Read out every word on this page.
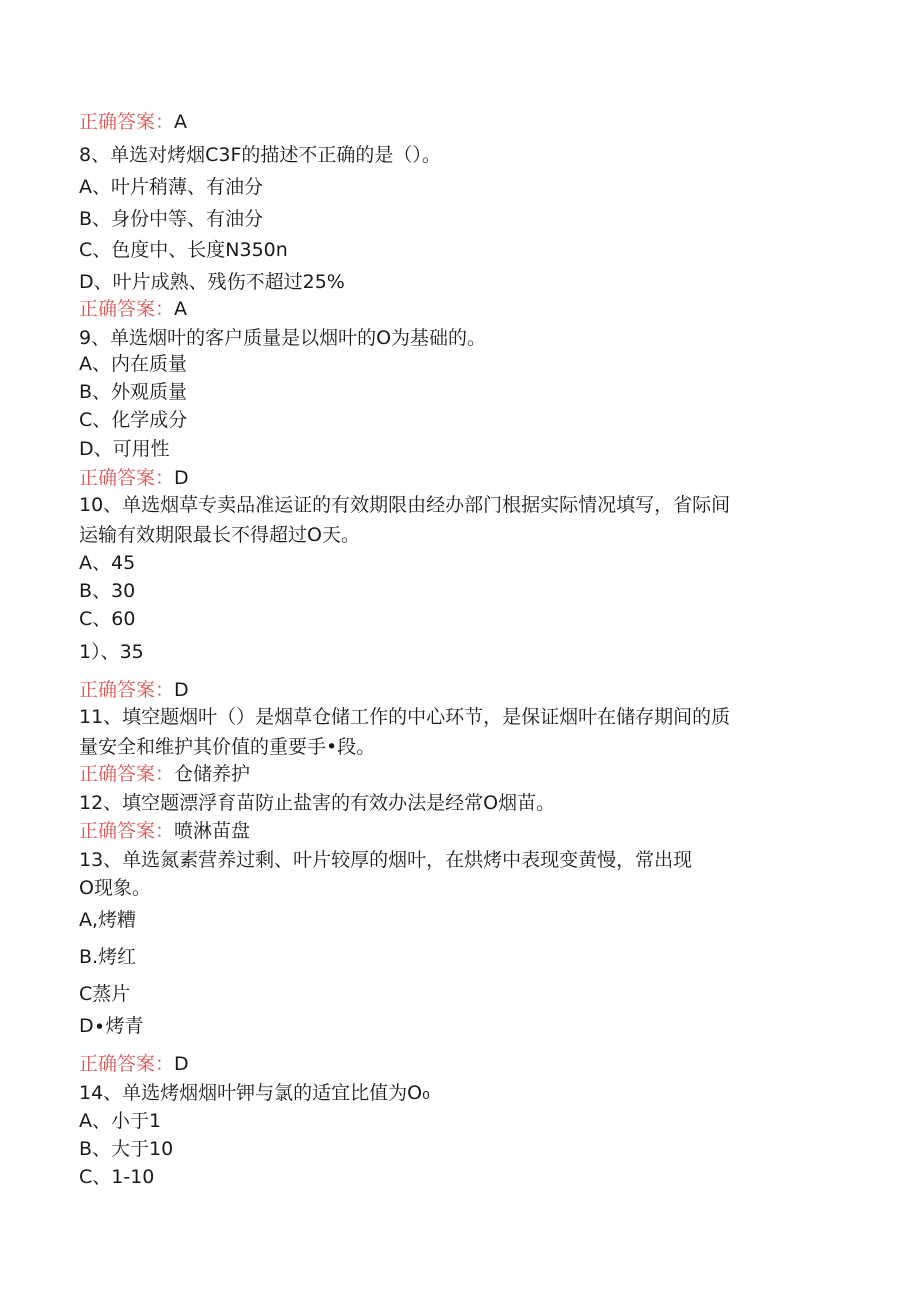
正确答案：A
8、单选对烤烟C3F的描述不正确的是（）。
A、叶片稍薄、有油分
B、身份中等、有油分
C、色度中、长度N350n
D、叶片成熟、残伤不超过25%
正确答案：A
9、单选烟叶的客户质量是以烟叶的O为基础的。
A、内在质量
B、外观质量
C、化学成分
D、可用性
正确答案：D
10、单选烟草专卖品准运证的有效期限由经办部门根据实际情况填写，省际间
运输有效期限最长不得超过O天。
A、45
B、30
C、60
1）、35
正确答案：D
11、填空题烟叶（）是烟草仓储工作的中心环节，是保证烟叶在储存期间的质
量安全和维护其价值的重要手•段。
正确答案：仓储养护
12、填空题漂浮育苗防止盐害的有效办法是经常O烟苗。
正确答案：喷淋苗盘
13、单选氮素营养过剩、叶片较厚的烟叶，在烘烤中表现变黄慢，常出现
O现象。
A,烤糟
B.烤红
C蒸片
D∙烤青
正确答案：D
14、单选烤烟烟叶钾与氯的适宜比值为O₀
A、小于1
B、大于10
C、1-10
